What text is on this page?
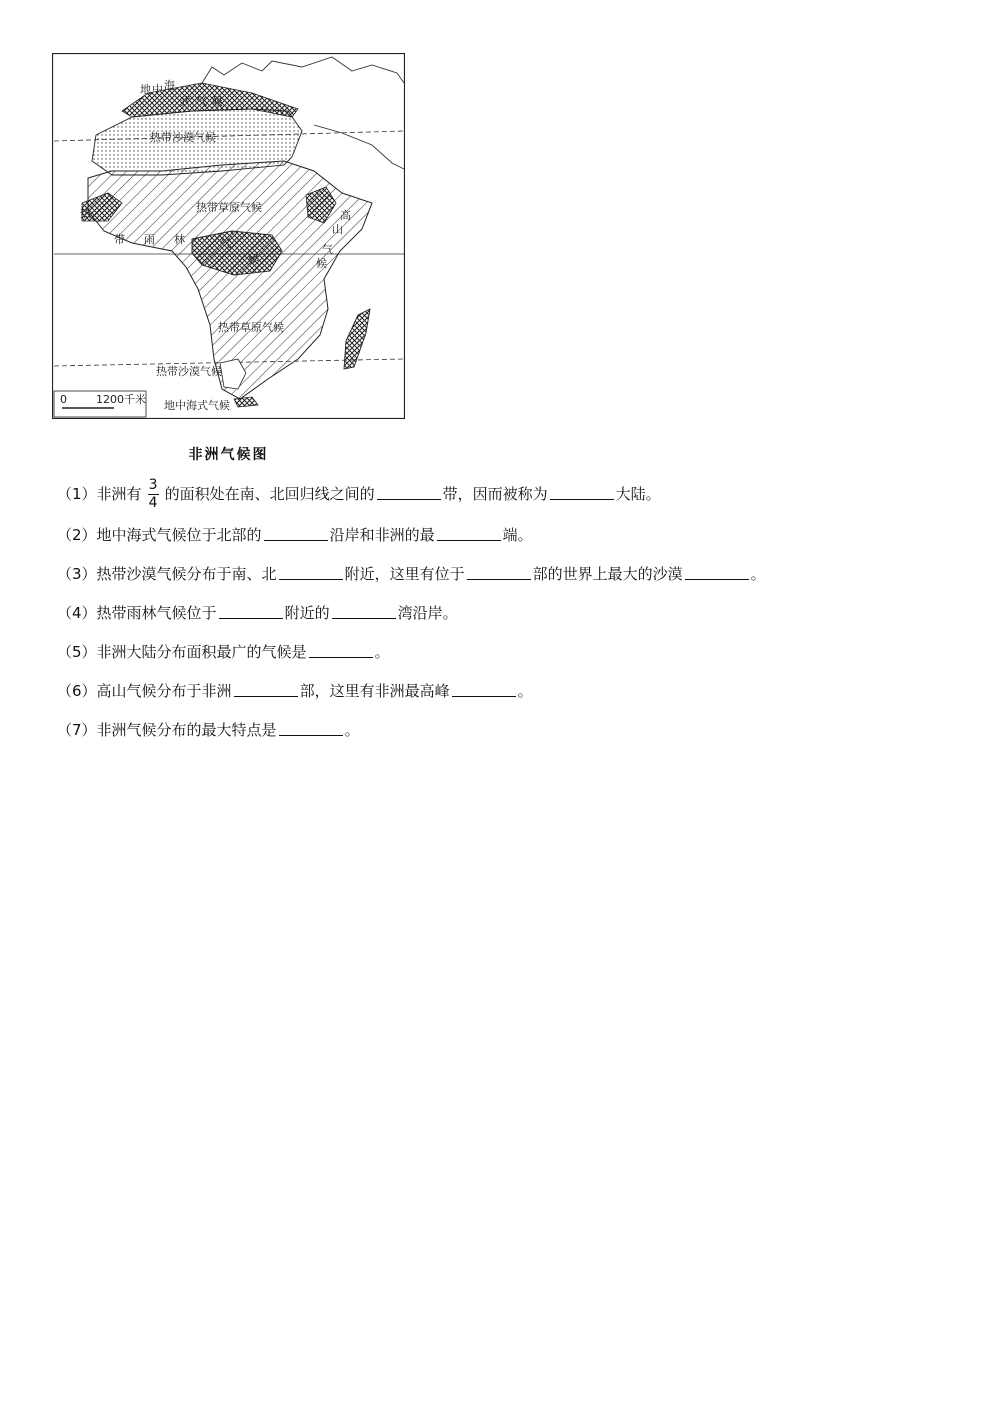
地 中 海
式 气 候
热带沙漠气候
热带草原气候
热
带 雨 林	气
候
高
山
气
候
热带草原气候
热带沙漠气候
地中海式气候
0	1200千米
非洲气候图
（1）非洲有 $\frac{3}{4}$ 的面积处在南、北回归线之间的	带，因而被称为	大陆。
（2）地中海式气候位于北部的	沿岸和非洲的最	端。
（3）热带沙漠气候分布于南、北	附近，这里有位于	部的世界上最大的沙漠	。
（4）热带雨林气候位于	附近的	湾沿岸。
（5）非洲大陆分布面积最广的气候是	。
（6）高山气候分布于非洲	部，这里有非洲最高峰	。
（7）非洲气候分布的最大特点是	。
